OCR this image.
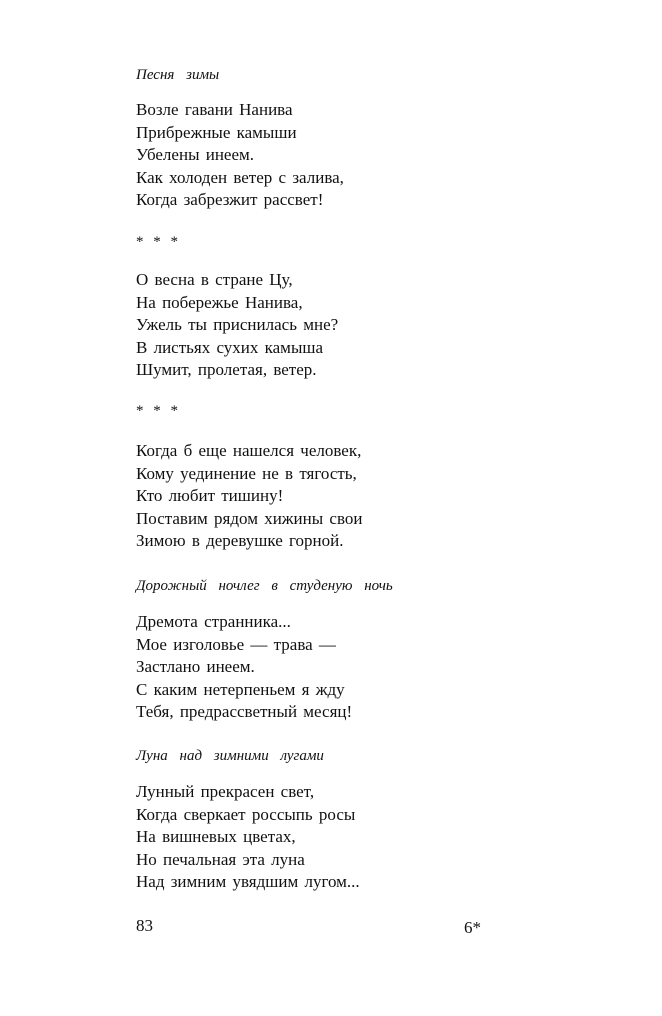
Песня зимы
Возле гавани Нанива
Прибрежные камыши
Убелены инеем.
Как холоден ветер с залива,
Когда забрезжит рассвет!
* * *
О весна в стране Цу,
На побережье Нанива,
Ужель ты приснилась мне?
В листьях сухих камыша
Шумит, пролетая, ветер.
* * *
Когда б еще нашелся человек,
Кому уединение не в тягость,
Кто любит тишину!
Поставим рядом хижины свои
Зимою в деревушке горной.
Дорожный ночлег в студеную ночь
Дремота странника...
Мое изголовье — трава —
Застлано инеем.
С каким нетерпеньем я жду
Тебя, предрассветный месяц!
Луна над зимними лугами
Лунный прекрасен свет,
Когда сверкает россыпь росы
На вишневых цветах,
Но печальная эта луна
Над зимним увядшим лугом...
83	6*
